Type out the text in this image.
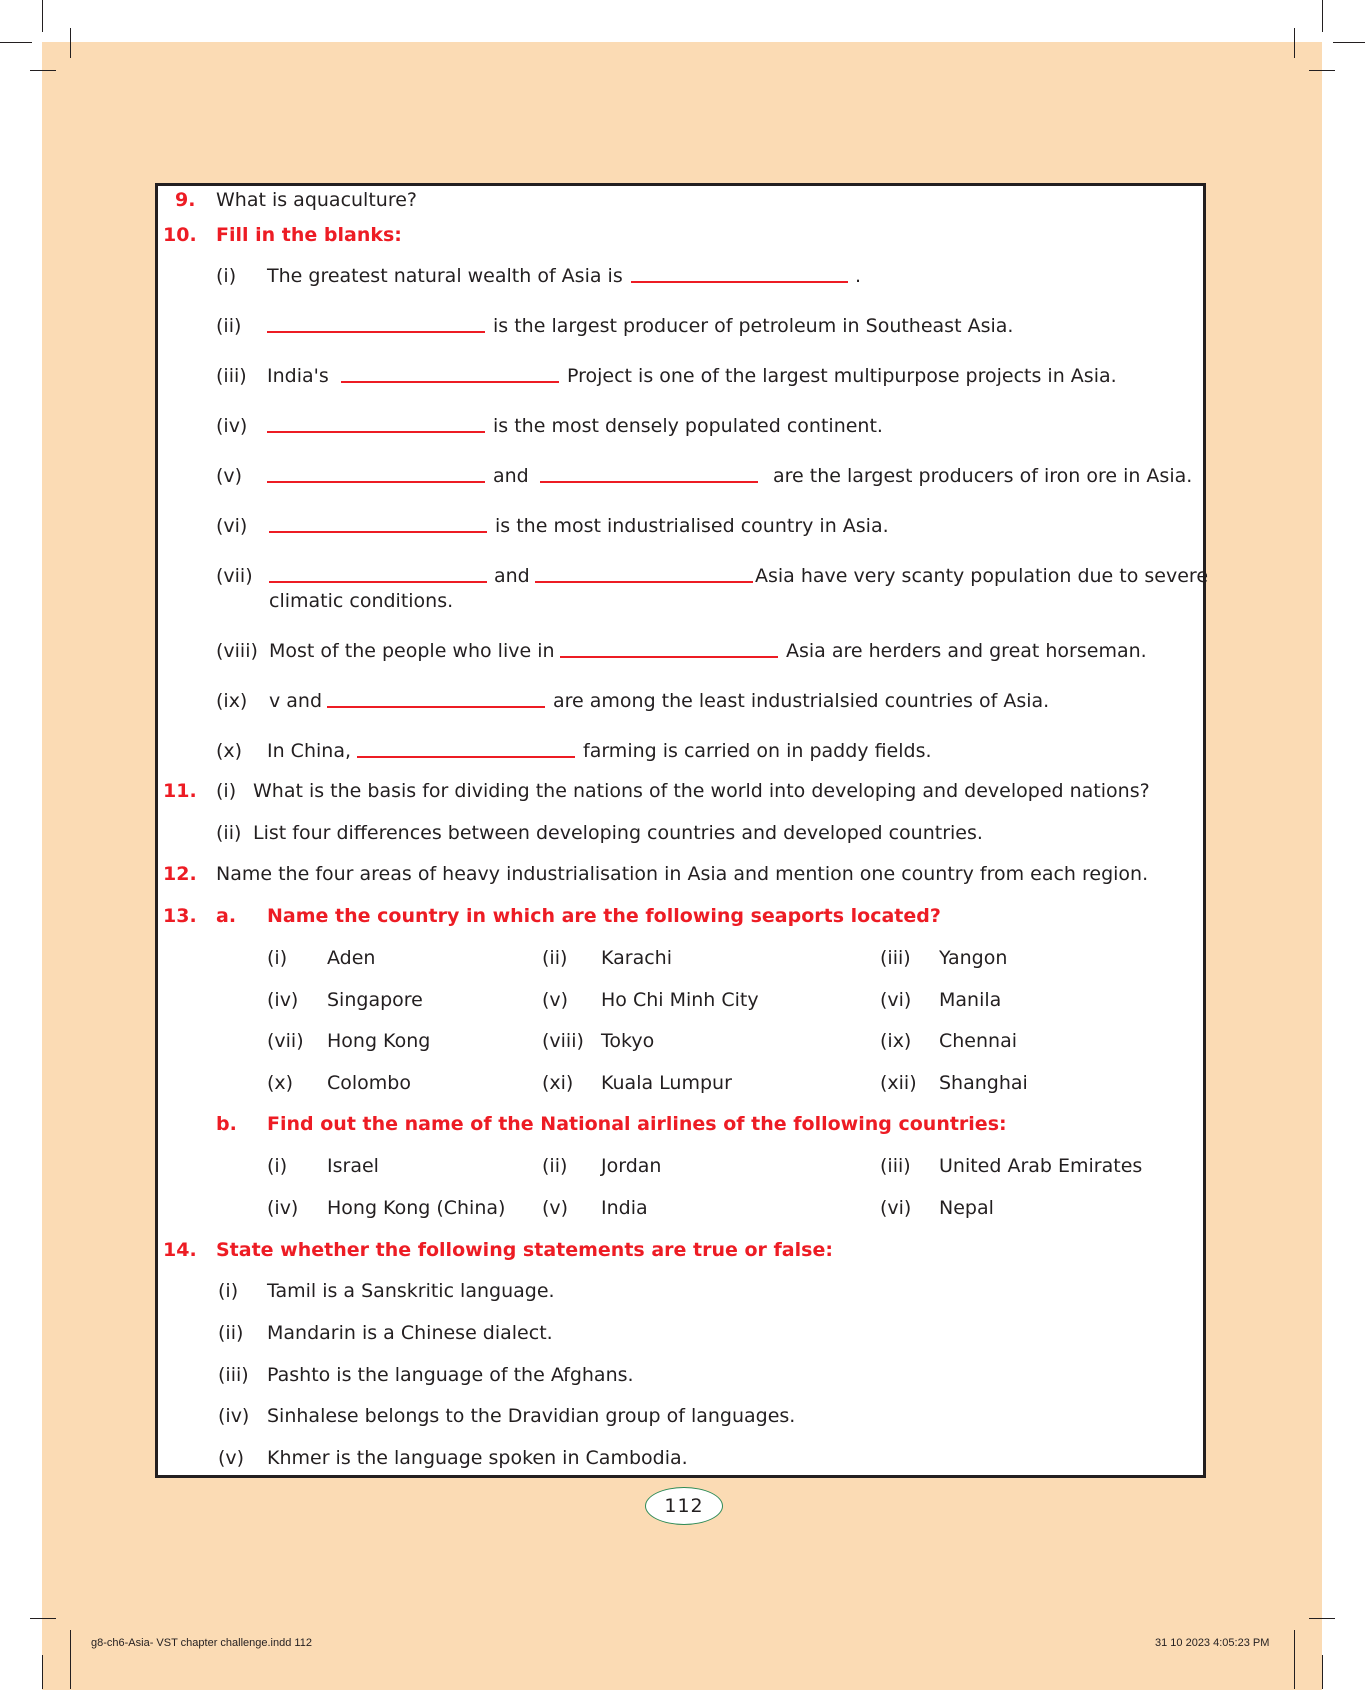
9. What is aquaculture?
10. Fill in the blanks:
(i) The greatest natural wealth of Asia is	.
(ii)	is the largest producer of petroleum in Southeast Asia.
(iii) India's	Project is one of the largest multipurpose projects in Asia.
(iv)	is the most densely populated continent.
(v)	and	are the largest producers of iron ore in Asia.
(vi)	is the most industrialised country in Asia.
(vii)	and	Asia have very scanty population due to severe
climatic conditions.
(viii) Most of the people who live in	Asia are herders and great horseman.
(ix) v and	are among the least industrialsied countries of Asia.
(x) In China,	farming is carried on in paddy fields.
11. (i) What is the basis for dividing the nations of the world into developing and developed nations?
(ii) List four differences between developing countries and developed countries.
12. Name the four areas of heavy industrialisation in Asia and mention one country from each region.
13. a. Name the country in which are the following seaports located?
(i) Aden	(ii) Karachi	(iii) Yangon
(iv) Singapore	(v) Ho Chi Minh City	(vi) Manila
(vii) Hong Kong	(viii) Tokyo	(ix) Chennai
(x) Colombo	(xi) Kuala Lumpur	(xii) Shanghai
b. Find out the name of the National airlines of the following countries:
(i) Israel	(ii) Jordan	(iii) United Arab Emirates
(iv) Hong Kong (China) (v) India	(vi) Nepal
14. State whether the following statements are true or false:
(i) Tamil is a Sanskritic language.
(ii) Mandarin is a Chinese dialect.
(iii) Pashto is the language of the Afghans.
(iv) Sinhalese belongs to the Dravidian group of languages.
(v) Khmer is the language spoken in Cambodia.
112
g8-ch6-Asia- VST chapter challenge.indd 112	31 10 2023 4:05:23 PM
